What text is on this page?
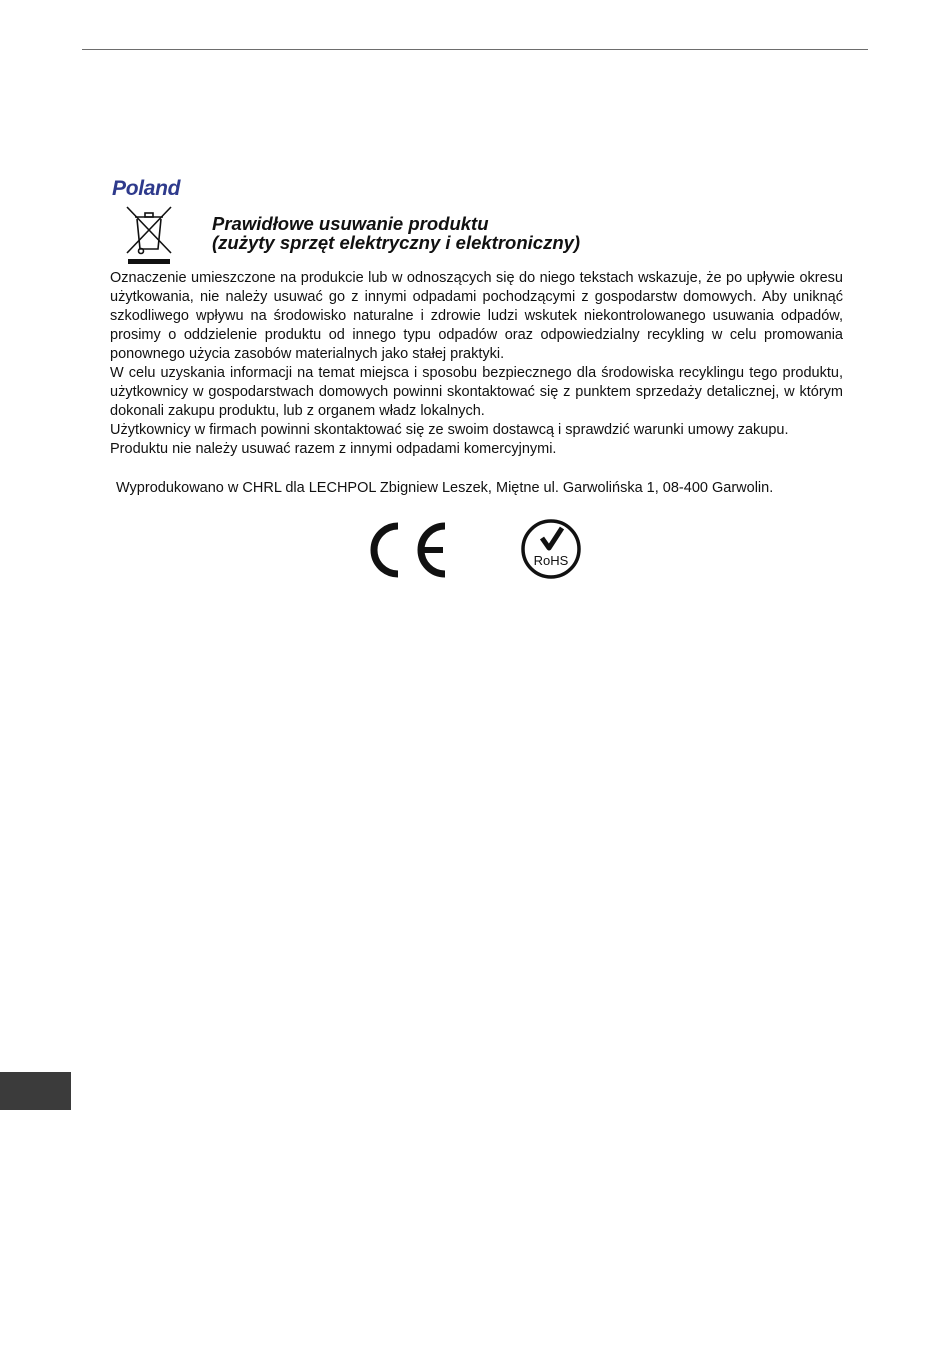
Poland
Prawidłowe usuwanie produktu
(zużyty sprzęt elektryczny i elektroniczny)

Oznaczenie umieszczone na produkcie lub w odnoszących się do niego tekstach wskazuje, że po upływie okresu użytkowania, nie należy usuwać go z innymi odpadami pochodzącymi z gospodarstw domowych. Aby uniknąć szkodliwego wpływu na środowisko naturalne i zdrowie ludzi wskutek niekontrolowanego usuwania odpadów, prosimy o oddzielenie produktu od innego typu odpadów oraz odpowiedzialny recykling w celu promowania ponownego użycia zasobów materialnych jako stałej praktyki.

W celu uzyskania informacji na temat miejsca i sposobu bezpiecznego dla środowiska recyklingu tego produktu, użytkownicy w gospodarstwach domowych powinni skontaktować się z punktem sprzedaży detalicznej, w którym dokonali zakupu produktu, lub z organem władz lokalnych.

Użytkownicy w firmach powinni skontaktować się ze swoim dostawcą i sprawdzić warunki umowy zakupu.

Produktu nie należy usuwać razem z innymi odpadami komercyjnymi.

Wyprodukowano w CHRL dla LECHPOL Zbigniew Leszek, Miętne ul. Garwolińska 1, 08-400 Garwolin.

RoHS
